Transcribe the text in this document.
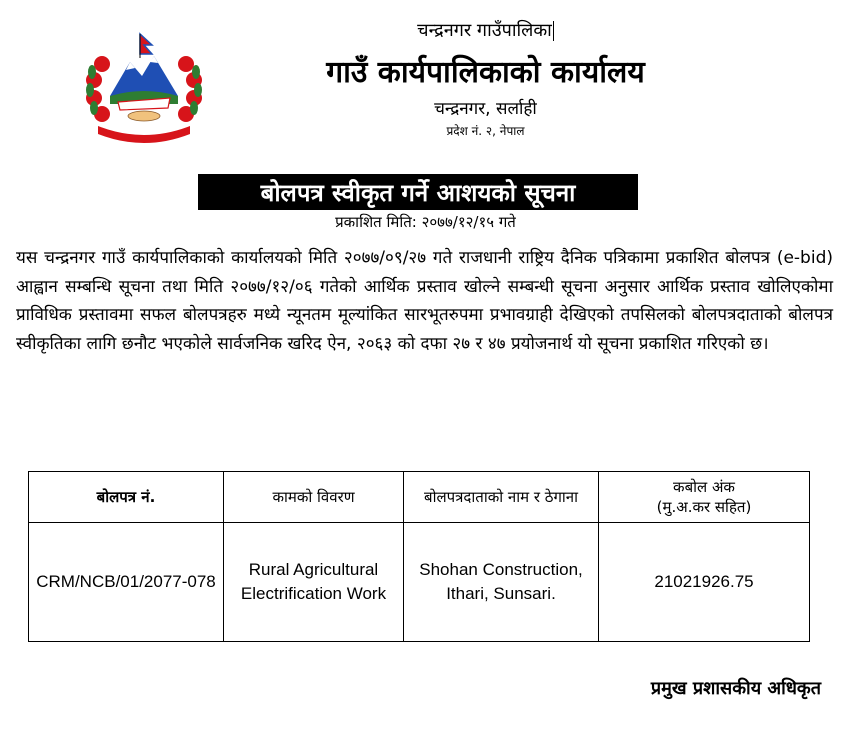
चन्द्रनगर गाउँपालिका
गाउँ कार्यपालिकाको कार्यालय
चन्द्रनगर, सर्लाही
प्रदेश नं. २, नेपाल
बोलपत्र स्वीकृत गर्ने आशयको सूचना
प्रकाशित मिति: २०७७/१२/१५ गते
यस चन्द्रनगर गाउँ कार्यपालिकाको कार्यालयको मिति २०७७/०९/२७ गते राजधानी राष्ट्रिय दैनिक पत्रिकामा प्रकाशित बोलपत्र (e-bid) आह्वान सम्बन्धि सूचना तथा मिति २०७७/१२/०६ गतेको आर्थिक प्रस्ताव खोल्ने सम्बन्धी सूचना अनुसार आर्थिक प्रस्ताव खोलिएकोमा प्राविधिक प्रस्तावमा सफल बोलपत्रहरु मध्ये न्यूनतम मूल्यांकित सारभूतरुपमा प्रभावग्राही देखिएको तपसिलको बोलपत्रदाताको बोलपत्र स्वीकृतिका लागि छनौट भएकोले सार्वजनिक खरिद ऐन, २०६३ को दफा २७ र ४७ प्रयोजनार्थ यो सूचना प्रकाशित गरिएको छ।
बोलपत्र नं.	कामको विवरण	बोलपत्रदाताको नाम र ठेगाना	कबोल अंक
(मु.अ.कर सहित)

CRM/NCB/01/2077-078	Rural Agricultural Electrification Work	Shohan Construction, Ithari, Sunsari.	21021926.75
प्रमुख प्रशासकीय अधिकृत
